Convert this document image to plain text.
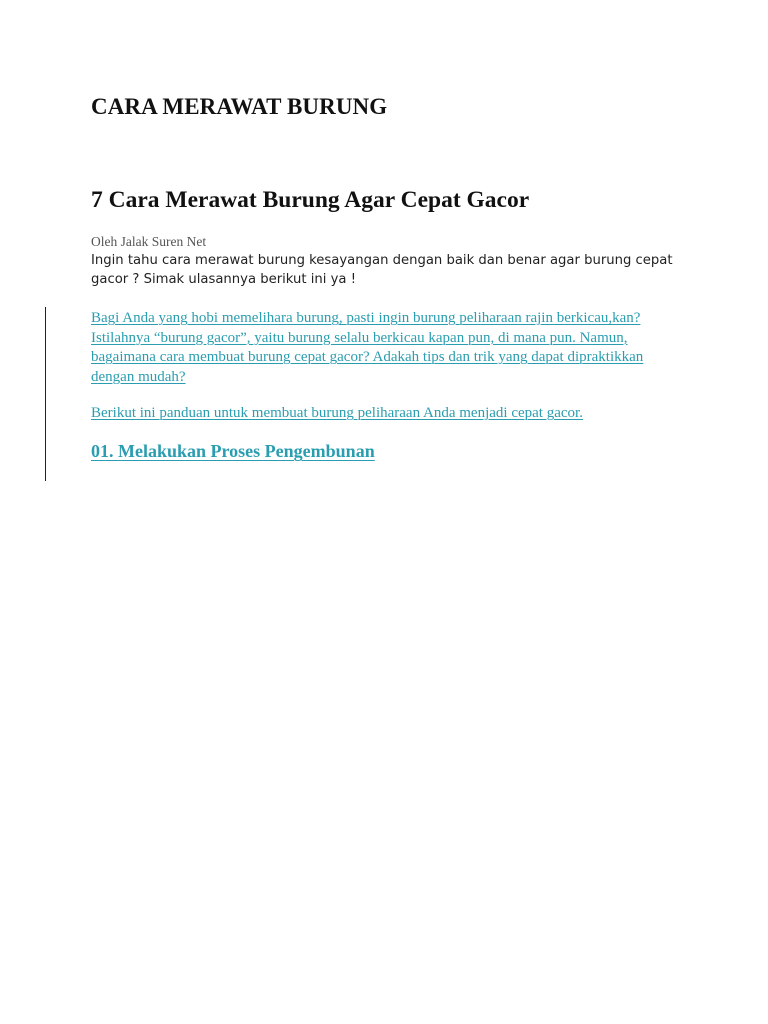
CARA MERAWAT BURUNG
7 Cara Merawat Burung Agar Cepat Gacor
Oleh Jalak Suren Net

Ingin tahu cara merawat burung kesayangan dengan baik dan benar agar burung cepat gacor ? Simak ulasannya berikut ini ya !

Bagi Anda yang hobi memelihara burung, pasti ingin burung peliharaan rajin berkicau,kan? Istilahnya “burung gacor”, yaitu burung selalu berkicau kapan pun, di mana pun. Namun, bagaimana cara membuat burung cepat gacor? Adakah tips dan trik yang dapat dipraktikkan dengan mudah?

Berikut ini panduan untuk membuat burung peliharaan Anda menjadi cepat gacor.

01. Melakukan Proses Pengembunan
